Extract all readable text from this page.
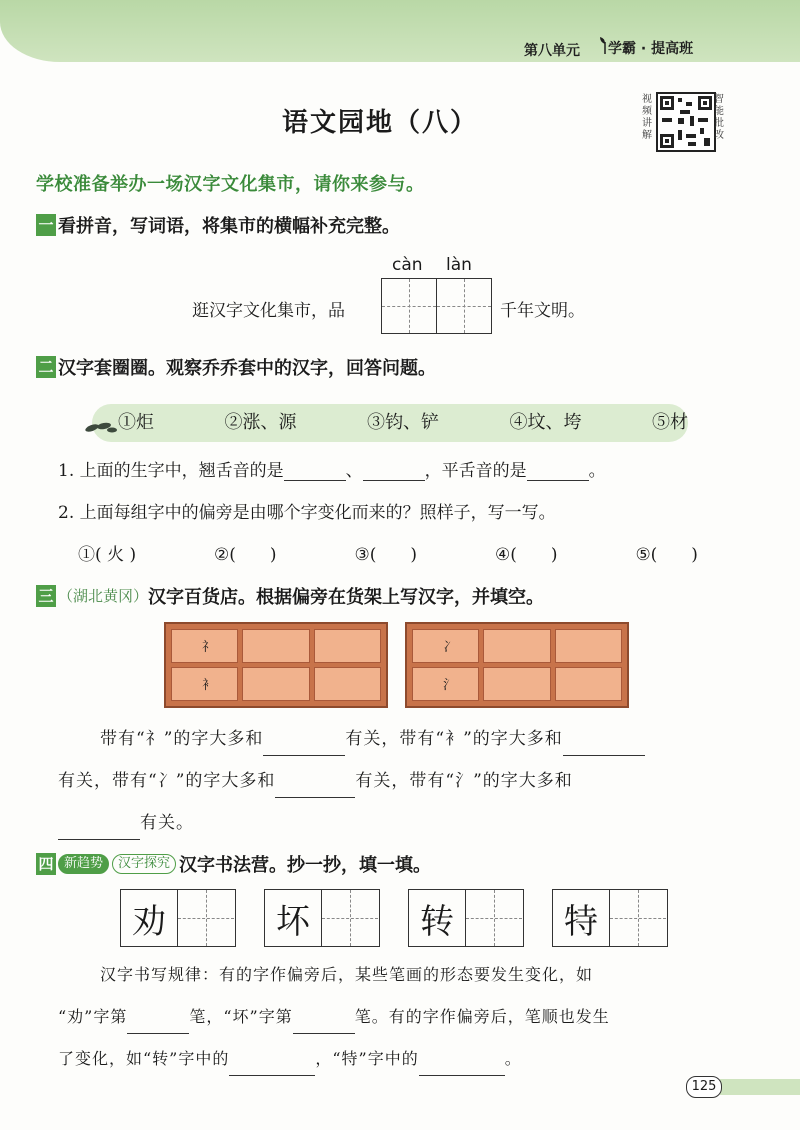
第八单元 学霸 · 提高班
语文园地（八）
视频讲解
智能批改
学校准备举办一场汉字文化集市，请你来参与。
一 看拼音，写词语，将集市的横幅补充完整。
càn làn
逛汉字文化集市，品	千年文明。
二 汉字套圈圈。观察乔乔套中的汉字，回答问题。
①炬	②涨、源	③钧、铲	④坟、垮	⑤材
1. 上面的生字中，翘舌音的是	、	，平舌音的是	。
2. 上面每组字中的偏旁是由哪个字变化而来的？照样子，写一写。
①( 火 )	②(　　)	③(　　)	④(　　)	⑤(　　)
三 （湖北黄冈）汉字百货店。根据偏旁在货架上写汉字，并填空。
礻
衤
冫
氵
带有“礻”的字大多和	有关，带有“衤”的字大多和
有关，带有“冫”的字大多和	有关，带有“氵”的字大多和
有关。
四 新趋势 汉字探究 汉字书法营。抄一抄，填一填。
劝	坏	转	特
汉字书写规律：有的字作偏旁后，某些笔画的形态要发生变化，如
“劝”字第	笔，“坏”字第	笔。有的字作偏旁后，笔顺也发生
了变化，如“转”字中的	，“特”字中的	。
125
